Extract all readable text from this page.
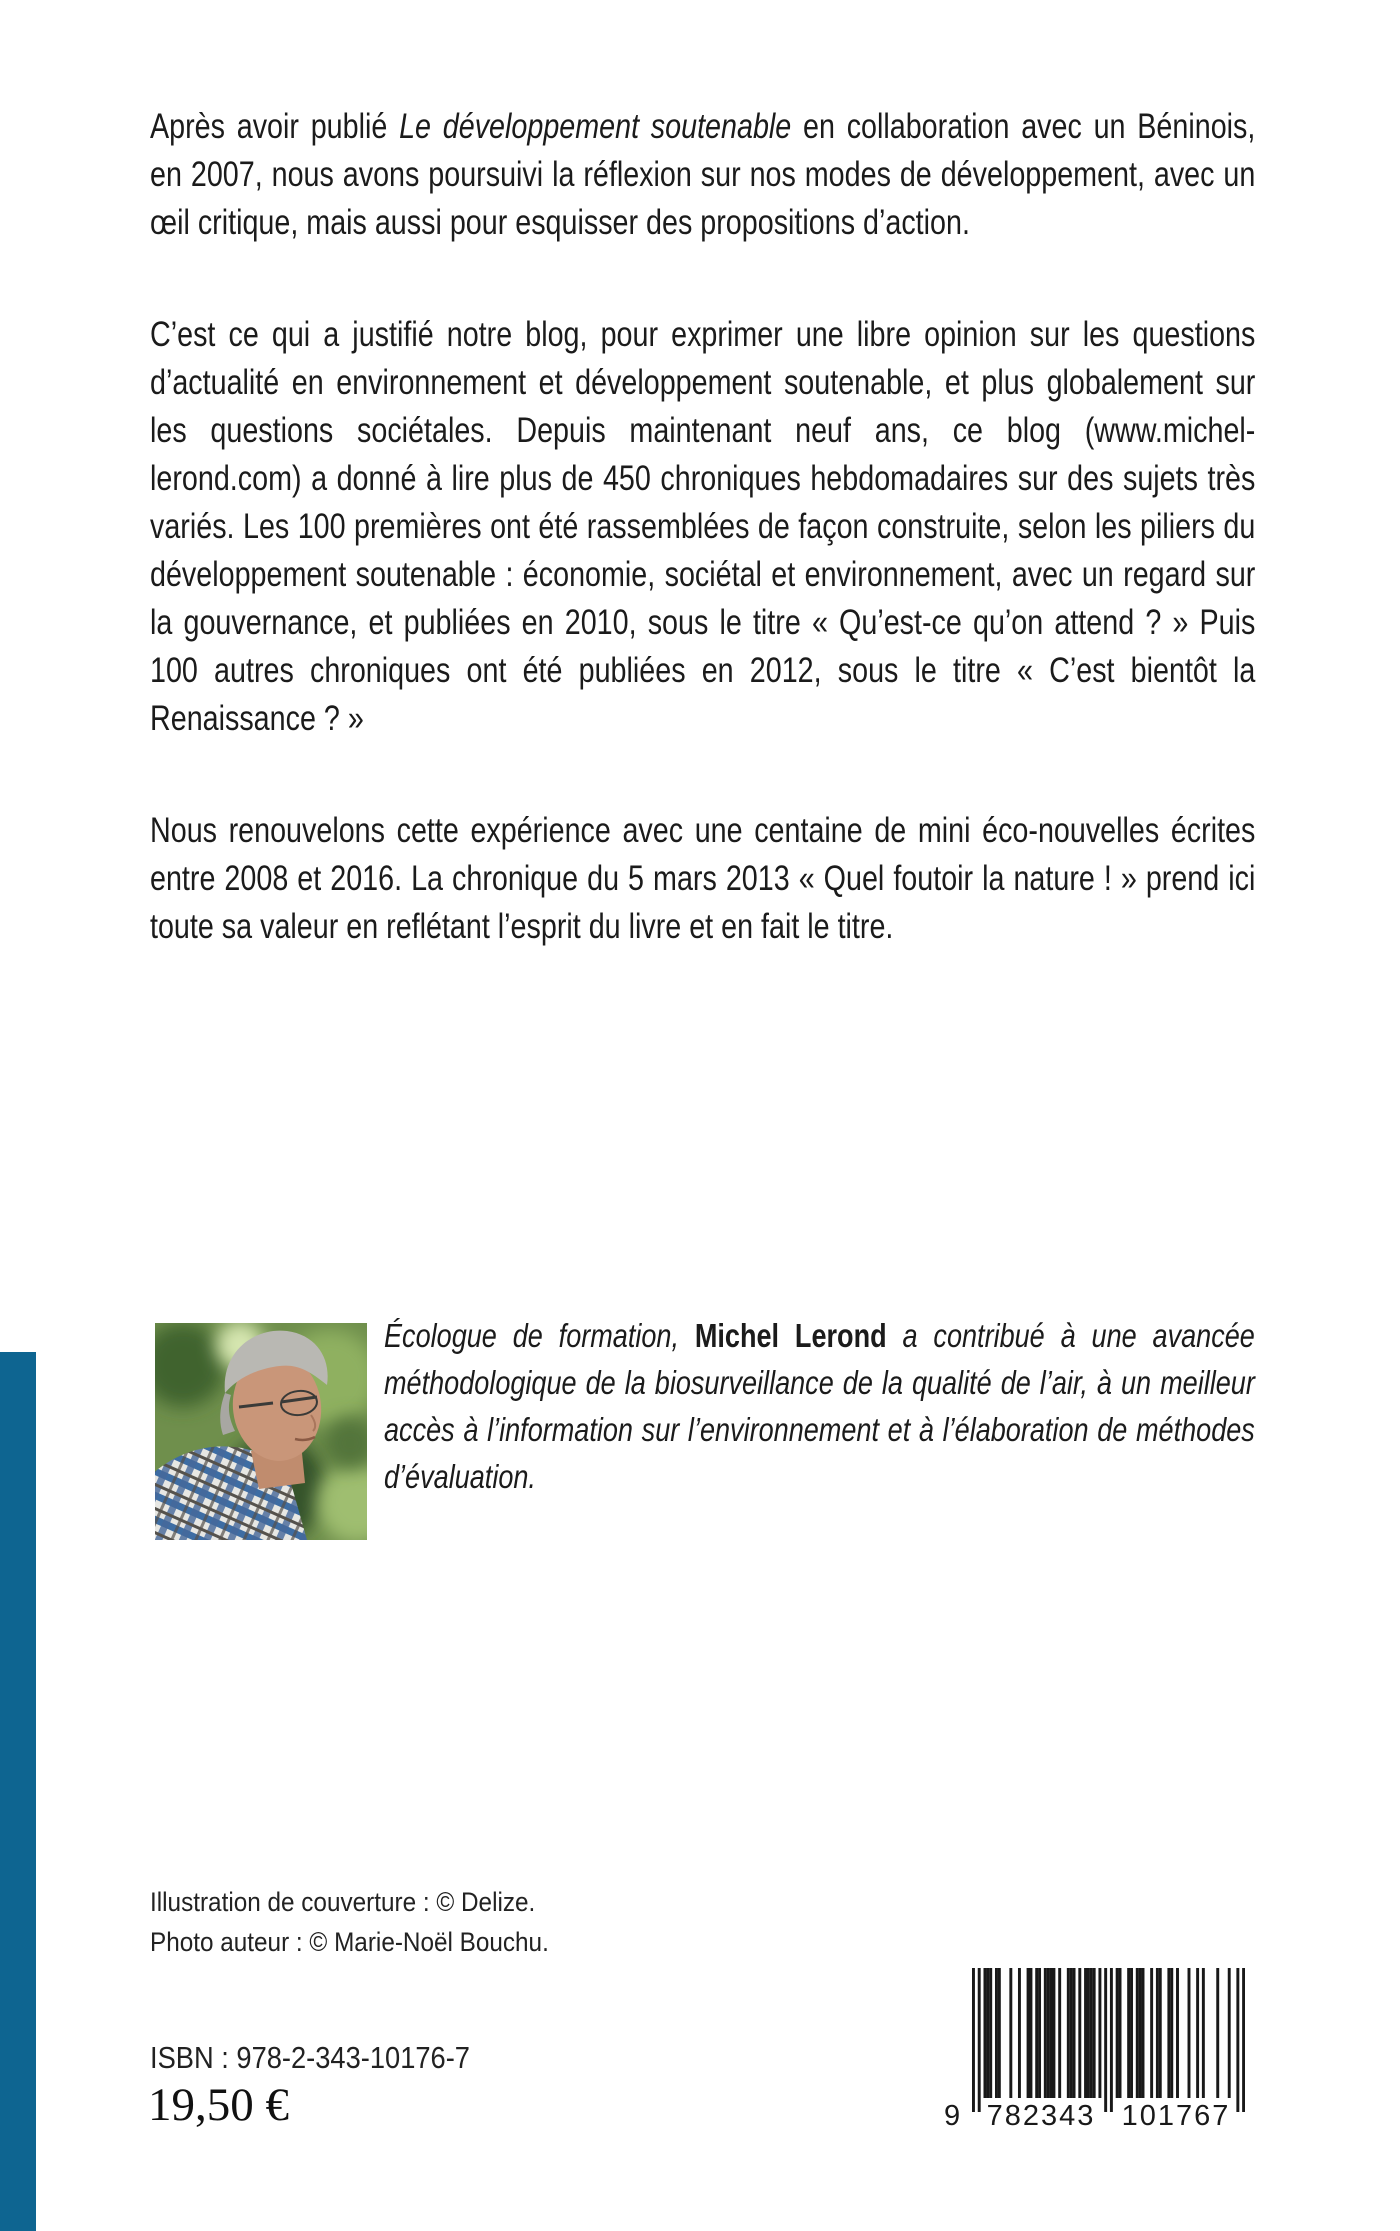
Après avoir publié Le développement soutenable en collaboration avec un Béninois, en 2007, nous avons poursuivi la réflexion sur nos modes de développement, avec un œil critique, mais aussi pour esquisser des propositions d’action.

C’est ce qui a justifié notre blog, pour exprimer une libre opinion sur les questions d’actualité en environnement et développement soutenable, et plus globalement sur les questions sociétales. Depuis maintenant neuf ans, ce blog (www.michel-lerond.com) a donné à lire plus de 450 chroniques hebdomadaires sur des sujets très variés. Les 100 premières ont été rassemblées de façon construite, selon les piliers du développement soutenable : économie, sociétal et environnement, avec un regard sur la gouvernance, et publiées en 2010, sous le titre « Qu’est-ce qu’on attend ? » Puis 100 autres chroniques ont été publiées en 2012, sous le titre « C’est bientôt la Renaissance ? »

Nous renouvelons cette expérience avec une centaine de mini éco-nouvelles écrites entre 2008 et 2016. La chronique du 5 mars 2013 « Quel foutoir la nature ! » prend ici toute sa valeur en reflétant l’esprit du livre et en fait le titre.

Écologue de formation, Michel Lerond a contribué à une avancée méthodologique de la biosurveillance de la qualité de l’air, à un meilleur accès à l’information sur l’environnement et à l’élaboration de méthodes d’évaluation.
Illustration de couverture : © Delize.
Photo auteur : © Marie-Noël Bouchu.
ISBN : 978-2-343-10176-7
19,50 €	9 782343 101767
